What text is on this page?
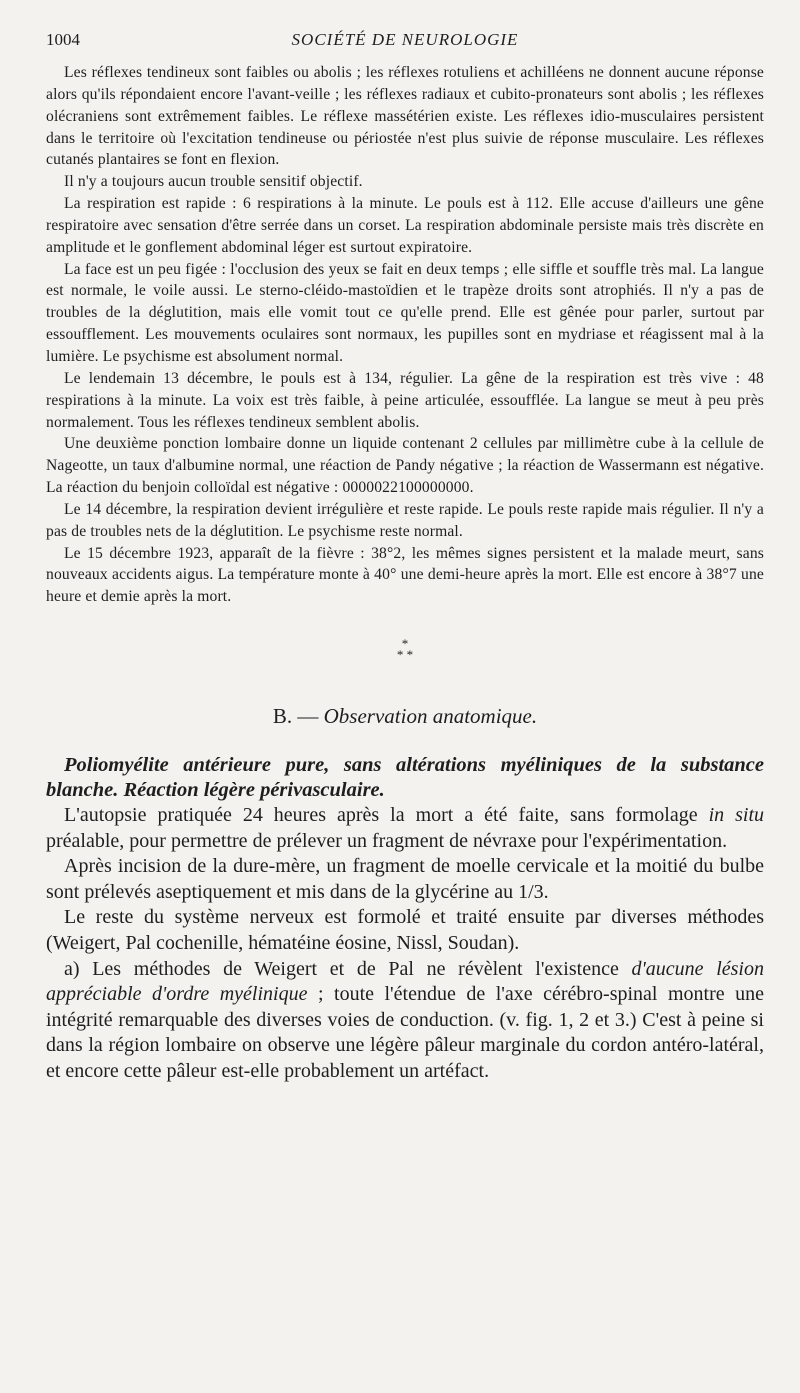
1004	SOCIÉTÉ DE NEUROLOGIE

Les réflexes tendineux sont faibles ou abolis ; les réflexes rotuliens et achilléens ne donnent aucune réponse alors qu'ils répondaient encore l'avant-veille ; les réflexes radiaux et cubito-pronateurs sont abolis ; les réflexes olécraniens sont extrêmement faibles. Le réflexe massétérien existe. Les réflexes idio-musculaires persistent dans le territoire où l'excitation tendineuse ou périostée n'est plus suivie de réponse musculaire. Les réflexes cutanés plantaires se font en flexion.

Il n'y a toujours aucun trouble sensitif objectif.

La respiration est rapide : 6 respirations à la minute. Le pouls est à 112. Elle accuse d'ailleurs une gêne respiratoire avec sensation d'être serrée dans un corset. La respiration abdominale persiste mais très discrète en amplitude et le gonflement abdominal léger est surtout expiratoire.

La face est un peu figée : l'occlusion des yeux se fait en deux temps ; elle siffle et souffle très mal. La langue est normale, le voile aussi. Le sterno-cléido-mastoïdien et le trapèze droits sont atrophiés. Il n'y a pas de troubles de la déglutition, mais elle vomit tout ce qu'elle prend. Elle est gênée pour parler, surtout par essoufflement. Les mouvements oculaires sont normaux, les pupilles sont en mydriase et réagissent mal à la lumière. Le psychisme est absolument normal.

Le lendemain 13 décembre, le pouls est à 134, régulier. La gêne de la respiration est très vive : 48 respirations à la minute. La voix est très faible, à peine articulée, essoufflée. La langue se meut à peu près normalement. Tous les réflexes tendineux semblent abolis.

Une deuxième ponction lombaire donne un liquide contenant 2 cellules par millimètre cube à la cellule de Nageotte, un taux d'albumine normal, une réaction de Pandy négative ; la réaction de Wassermann est négative. La réaction du benjoin colloïdal est négative : 0000022100000000.

Le 14 décembre, la respiration devient irrégulière et reste rapide. Le pouls reste rapide mais régulier. Il n'y a pas de troubles nets de la déglutition. Le psychisme reste normal.

Le 15 décembre 1923, apparaît de la fièvre : 38°2, les mêmes signes persistent et la malade meurt, sans nouveaux accidents aigus. La température monte à 40° une demi-heure après la mort. Elle est encore à 38°7 une heure et demie après la mort.

*
* *
B. — Observation anatomique.
Poliomyélite antérieure pure, sans altérations myéliniques de la substance blanche. Réaction légère périvasculaire.

L'autopsie pratiquée 24 heures après la mort a été faite, sans formolage in situ préalable, pour permettre de prélever un fragment de névraxe pour l'expérimentation.

Après incision de la dure-mère, un fragment de moelle cervicale et la moitié du bulbe sont prélevés aseptiquement et mis dans de la glycérine au 1/3.

Le reste du système nerveux est formolé et traité ensuite par diverses méthodes (Weigert, Pal cochenille, hématéine éosine, Nissl, Soudan).

a) Les méthodes de Weigert et de Pal ne révèlent l'existence d'aucune lésion appréciable d'ordre myélinique ; toute l'étendue de l'axe cérébro-spinal montre une intégrité remarquable des diverses voies de conduction. (v. fig. 1, 2 et 3.) C'est à peine si dans la région lombaire on observe une légère pâleur marginale du cordon antéro-latéral, et encore cette pâleur est-elle probablement un artéfact.
